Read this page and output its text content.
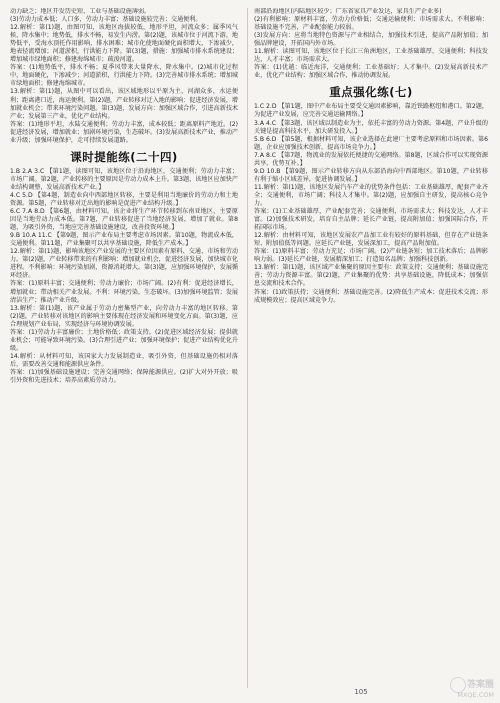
动力缺乏；地区开发历史短，工业与基础设施薄弱。

(3)劳动力成本低；人口多，劳动力丰富；基础设施较完善；交通便利。

12.解析：第(1)题，由图可知，该地区海拔较低，地形平坦，河流众多；属季风气候，降水集中；地势低，排水不畅，易发生内涝。第(2)题，该城市位于河流下游，地势低平，受海水顶托作用影响，排水困难；城市化使地面硬化面积增大，下渗减少，地表径流增加；河道淤积，行洪能力下降。第(3)题，措施：加强城市排水系统建设；增加城市绿地面积；修建海绵城市；疏浚河道。

答案：(1)地势低平，排水不畅；夏季风带来大量降水，降水集中。(2)城市化过程中，地面硬化，下渗减少；河道淤积，行洪能力下降。(3)完善城市排水系统；增加城市绿地面积；修建海绵城市。

13.解析：第(1)题，从图中可以看出，该区域地形以平原为主，河湖众多，水运便利；距离港口近，海运便利。第(2)题，产业转移对迁入地的影响：促进经济发展，增加就业机会；带来环境污染问题。第(3)题，发展方向：加强区域合作，引进高新技术产业；发展第三产业，优化产业结构。

答案：(1)地形平坦，水陆交通便利；劳动力丰富，成本较低；距离原料产地近。(2)促进经济发展，增加就业；加剧环境污染，生态破坏。(3)发展高新技术产业，推动产业升级；加强环境保护，走可持续发展道路。

课时提能练(二十四)

1.B 2.A 3.C 【第1题，读图可知，该地区位于沿海地区，交通便利；劳动力丰富；市场广阔。第2题，产业转移的主要原因是劳动力成本上升。第3题，该地区应加快产业结构调整，发展高新技术产业。】

4.C 5.D 【第4题，制造业向中西部地区转移，主要是利用当地廉价的劳动力和土地资源。第5题，产业转移对迁出地的影响是促进产业结构升级。】

6.C 7.A 8.D 【第6题，由材料可知，该企业将生产环节转移到东南亚地区，主要原因是当地劳动力成本低。第7题，产业转移促进了当地经济发展，增加了就业。第8题，为吸引外资，当地应完善基础设施建设，改善投资环境。】

9.B 10.A 11.C 【第9题，图示产业布局主要考虑市场因素。第10题，物流成本低，交通便利。第11题，产业集聚可以共享基础设施，降低生产成本。】

12.解析：第(1)题，影响该地区产业发展的主要区位因素有原料、交通、市场和劳动力。第(2)题，产业转移带来的有利影响：增加就业机会，促进经济发展，加快城市化进程。不利影响：环境污染加剧，资源消耗增大。第(3)题，应加强环境保护，发展循环经济。

答案：(1)原料丰富；交通便利；劳动力廉价；市场广阔。(2)有利：促进经济增长，增加就业；带动相关产业发展。不利：环境污染，生态破坏。(3)加强环境监管；发展清洁生产；推动产业升级。

13.解析：第(1)题，该产业属于劳动力密集型产业，向劳动力丰富的地区转移。第(2)题，产业转移对该地区的影响主要体现在经济发展和环境变化方面。第(3)题，应合理规划产业布局，实现经济与环境协调发展。

答案：(1)劳动力丰富廉价；土地价格低；政策支持。(2)促进区域经济发展；提供就业机会；可能导致环境污染。(3)合理引进产业；加强环境保护；促进产业结构优化升级。

14.解析：从材料可知，该国家大力发展制造业，吸引外资，但基础设施仍相对落后，需要改善交通和能源供应条件。

答案：(1)加强基础设施建设；完善交通网络；保障能源供应。(2)扩大对外开放；吸引外资和先进技术；培养高素质劳动力。

南部沿海地区(内陆地区较少；广东省家具产业发达，家具生产企业多)

(2)有利影响：原材料丰富，劳动力价格低；交通运输便利；市场需求大。不利影响：基础设施不完善，产业配套能力较弱。

(3)发展方向：应将当地特色资源与产业相结合，加强技术引进，提高产品附加值；加强品牌建设，开拓国内外市场。

11.解析：读图可知，该地区位于长江三角洲地区，工业基础雄厚，交通便利；科技发达，人才丰富；市场需求大。

答案：(1)优越：临近海洋，交通便利；工业基础好；人才集中。(2)发展高新技术产业，优化产业结构；加强区域合作，推动协调发展。

重点强化练(七)

1.C 2.D 【第1题，图中产业布局主要受交通因素影响，靠近铁路枢纽和港口。第2题，为促进产业发展，应完善交通运输网络。】

3.A 4.C 【第3题，该区域以制造业为主，依托丰富的劳动力资源。第4题，产业升级的关键是提高科技水平，加大研发投入。】

5.B 6.D 【第5题，根据材料可知，该企业选择在此建厂主要考虑原料和市场因素。第6题，企业应加强技术创新，提高市场竞争力。】

7.A 8.C 【第7题，物流业的发展依托便捷的交通网络。第8题，区域合作可以实现资源共享，优势互补。】

9.D 10.B 【第9题，图示产业转移方向从东部沿海向中西部地区。第10题，产业转移有利于缩小区域差异，促进协调发展。】

11.解析：第(1)题，该地区发展汽车产业的优势条件包括：工业基础雄厚，配套产业齐全；交通便利，市场广阔；科技人才集中。第(2)题，应加强自主研发，提高核心竞争力。

答案：(1)工业基础雄厚，产业配套完善；交通便利，市场需求大；科技发达，人才丰富。(2)加强技术研发，培育自主品牌；延长产业链，提高附加值；加强国际合作，开拓国际市场。

12.解析：由材料可知，该地区发展农产品加工业有较好的原料基础，但存在产业链条短、附加值低等问题。应延长产业链，发展深加工，提高产品附加值。

答案：(1)原料丰富；劳动力充足；市场广阔。(2)产业链条短；加工技术落后；品牌影响力弱。(3)延长产业链，发展精深加工；打造知名品牌；加强科技创新。

13.解析：第(1)题，该区域产业集聚的原因主要有：政策支持；交通便利；基础设施完善；劳动力资源丰富。第(2)题，产业集聚的优势：共享基础设施，降低成本；加强信息交流和技术合作。

答案：(1)政策扶持；交通便利；基础设施完善。(2)降低生产成本；促进技术交流；形成规模效应；提高区域竞争力。

105
答案圈
MXQE.COM
